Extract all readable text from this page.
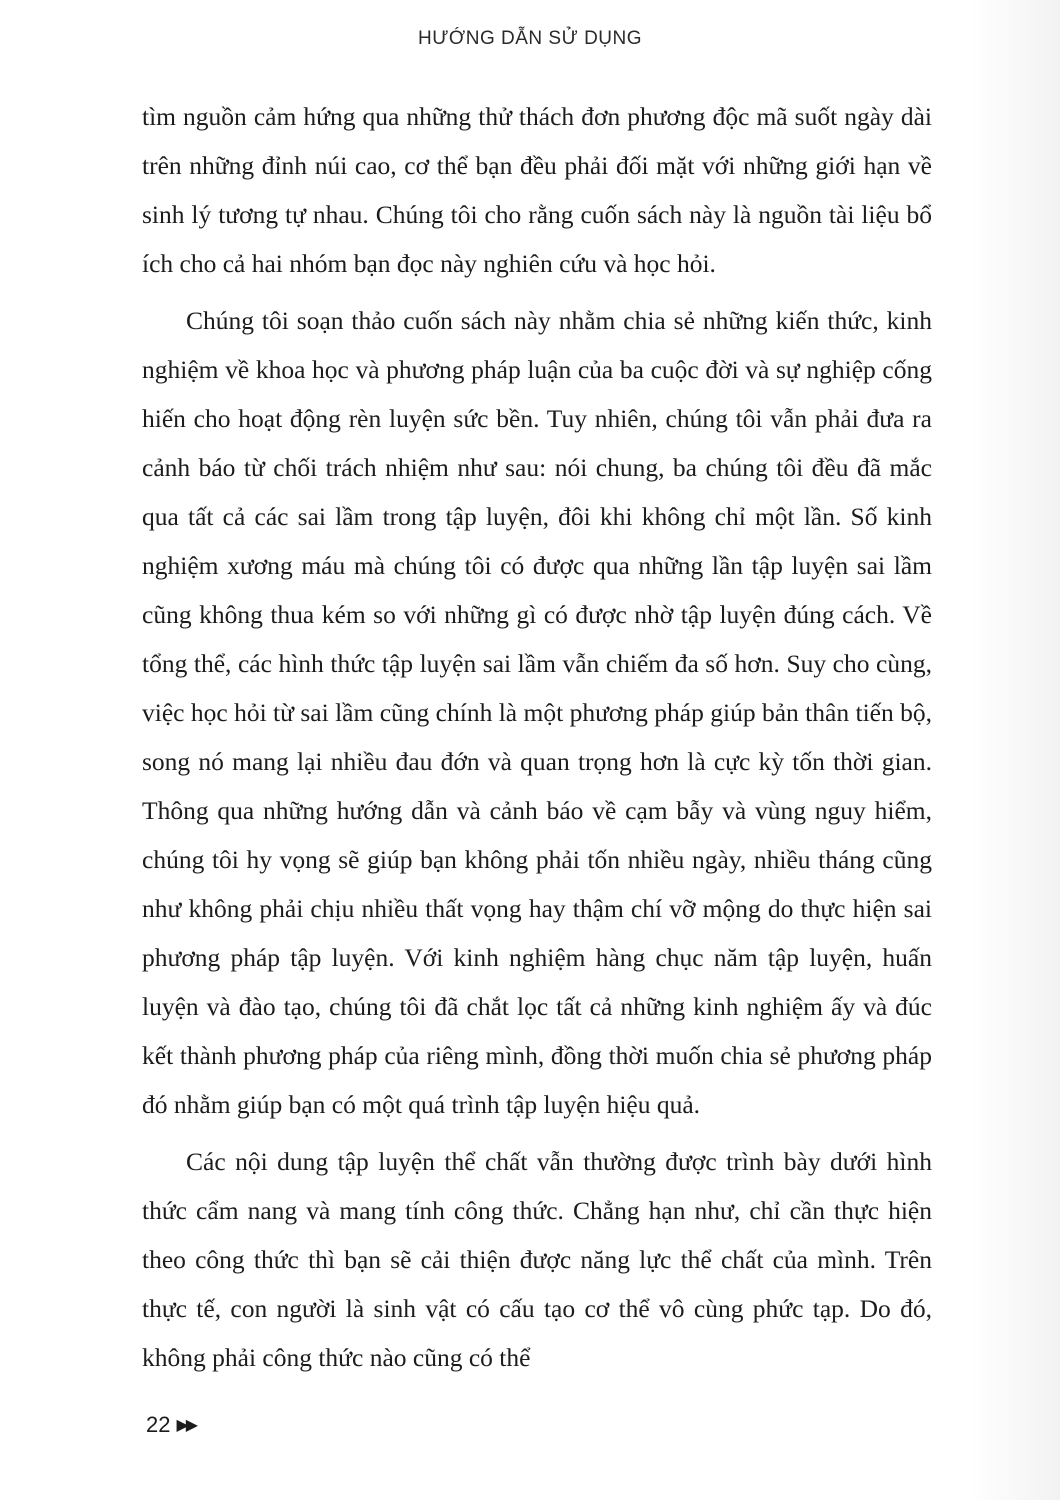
HƯỚNG DẪN SỬ DỤNG

tìm nguồn cảm hứng qua những thử thách đơn phương độc mã suốt ngày dài trên những đỉnh núi cao, cơ thể bạn đều phải đối mặt với những giới hạn về sinh lý tương tự nhau. Chúng tôi cho rằng cuốn sách này là nguồn tài liệu bổ ích cho cả hai nhóm bạn đọc này nghiên cứu và học hỏi.

Chúng tôi soạn thảo cuốn sách này nhằm chia sẻ những kiến thức, kinh nghiệm về khoa học và phương pháp luận của ba cuộc đời và sự nghiệp cống hiến cho hoạt động rèn luyện sức bền. Tuy nhiên, chúng tôi vẫn phải đưa ra cảnh báo từ chối trách nhiệm như sau: nói chung, ba chúng tôi đều đã mắc qua tất cả các sai lầm trong tập luyện, đôi khi không chỉ một lần. Số kinh nghiệm xương máu mà chúng tôi có được qua những lần tập luyện sai lầm cũng không thua kém so với những gì có được nhờ tập luyện đúng cách. Về tổng thể, các hình thức tập luyện sai lầm vẫn chiếm đa số hơn. Suy cho cùng, việc học hỏi từ sai lầm cũng chính là một phương pháp giúp bản thân tiến bộ, song nó mang lại nhiều đau đớn và quan trọng hơn là cực kỳ tốn thời gian. Thông qua những hướng dẫn và cảnh báo về cạm bẫy và vùng nguy hiểm, chúng tôi hy vọng sẽ giúp bạn không phải tốn nhiều ngày, nhiều tháng cũng như không phải chịu nhiều thất vọng hay thậm chí vỡ mộng do thực hiện sai phương pháp tập luyện. Với kinh nghiệm hàng chục năm tập luyện, huấn luyện và đào tạo, chúng tôi đã chắt lọc tất cả những kinh nghiệm ấy và đúc kết thành phương pháp của riêng mình, đồng thời muốn chia sẻ phương pháp đó nhằm giúp bạn có một quá trình tập luyện hiệu quả.

Các nội dung tập luyện thể chất vẫn thường được trình bày dưới hình thức cẩm nang và mang tính công thức. Chẳng hạn như, chỉ cần thực hiện theo công thức thì bạn sẽ cải thiện được năng lực thể chất của mình. Trên thực tế, con người là sinh vật có cấu tạo cơ thể vô cùng phức tạp. Do đó, không phải công thức nào cũng có thể

22 ▶▶
